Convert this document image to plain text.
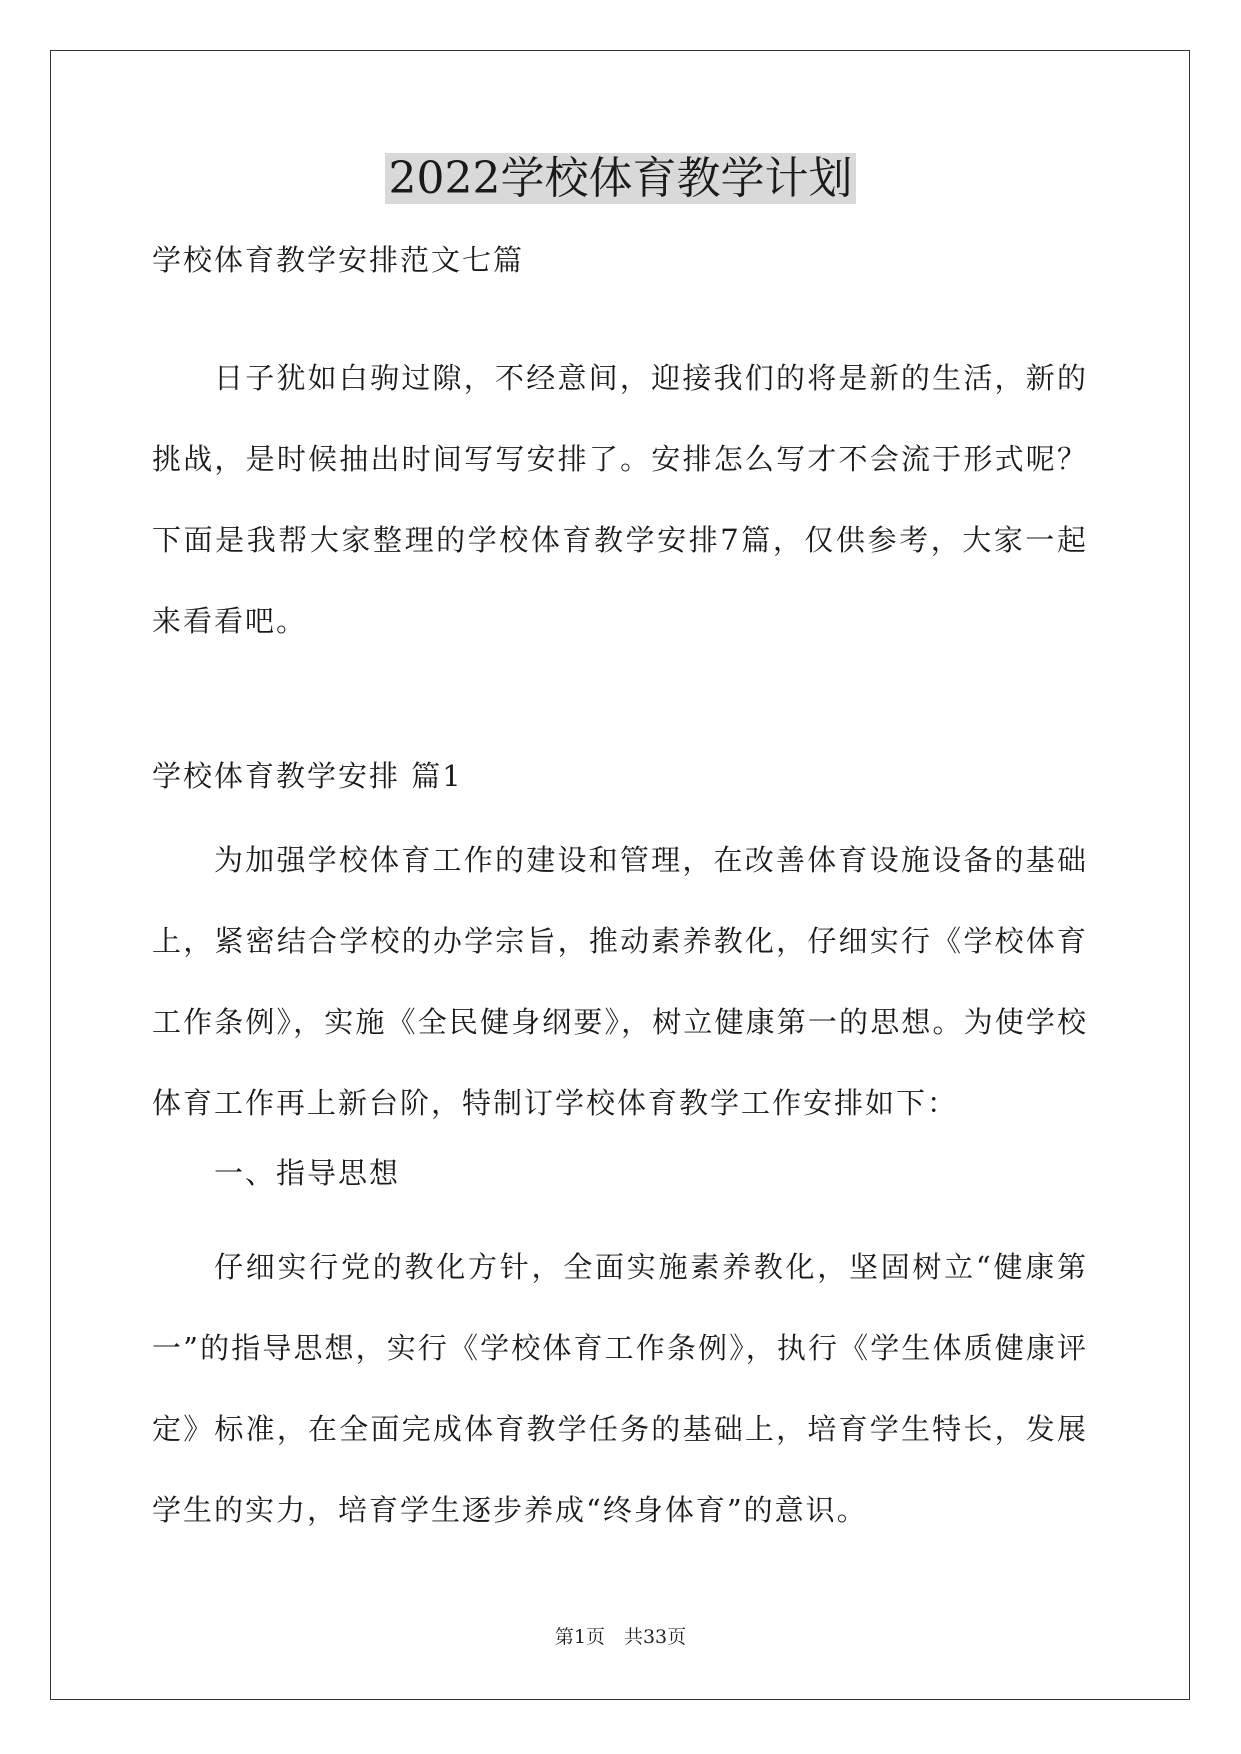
2022学校体育教学计划
学校体育教学安排范文七篇

日子犹如白驹过隙，不经意间，迎接我们的将是新的生活，新的挑战，是时候抽出时间写写安排了。安排怎么写才不会流于形式呢？下面是我帮大家整理的学校体育教学安排7篇，仅供参考，大家一起来看看吧。

学校体育教学安排 篇1

为加强学校体育工作的建设和管理，在改善体育设施设备的基础上，紧密结合学校的办学宗旨，推动素养教化，仔细实行《学校体育工作条例》，实施《全民健身纲要》，树立健康第一的思想。为使学校体育工作再上新台阶，特制订学校体育教学工作安排如下：

一、指导思想

仔细实行党的教化方针，全面实施素养教化，坚固树立“健康第一”的指导思想，实行《学校体育工作条例》，执行《学生体质健康评定》标准，在全面完成体育教学任务的基础上，培育学生特长，发展学生的实力，培育学生逐步养成“终身体育”的意识。

第1页　共33页
